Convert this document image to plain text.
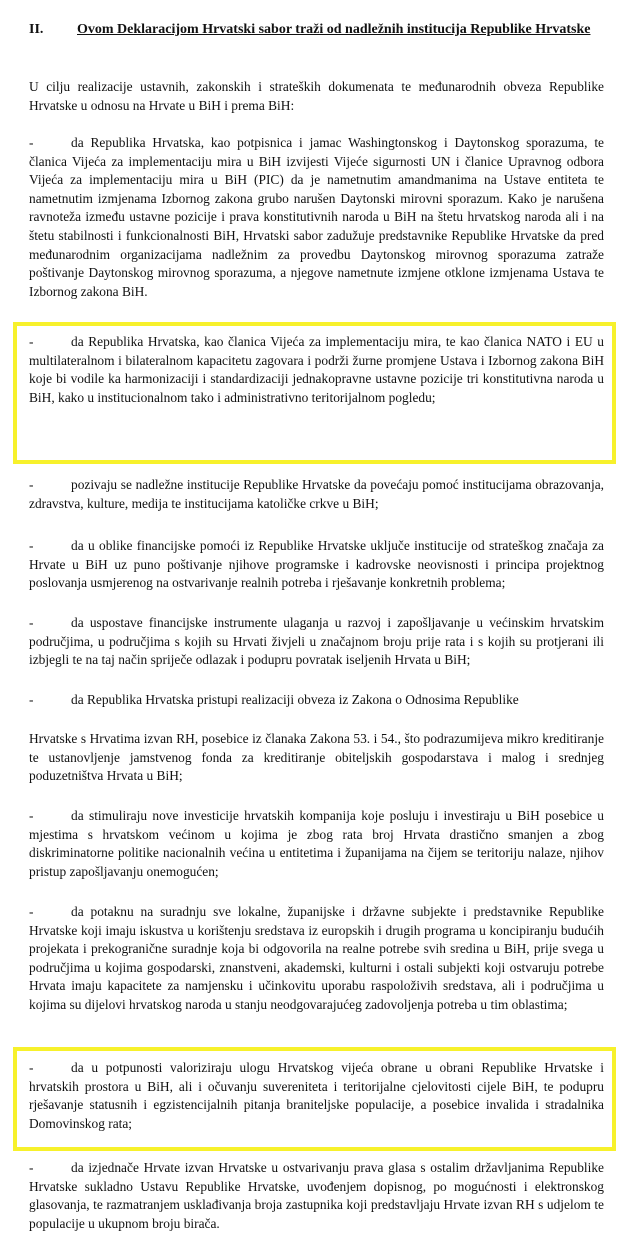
II. Ovom Deklaracijom Hrvatski sabor traži od nadležnih institucija Republike Hrvatske

U cilju realizacije ustavnih, zakonskih i strateških dokumenata te međunarodnih obveza Republike Hrvatske u odnosu na Hrvate u BiH i prema BiH:

-	da Republika Hrvatska, kao potpisnica i jamac Washingtonskog i Daytonskog sporazuma, te članica Vijeća za implementaciju mira u BiH izvijesti Vijeće sigurnosti UN i članice Upravnog odbora Vijeća za implementaciju mira u BiH (PIC) da je nametnutim amandmanima na Ustave entiteta te nametnutim izmjenama Izbornog zakona grubo narušen Daytonski mirovni sporazum. Kako je narušena ravnoteža između ustavne pozicije i prava konstitutivnih naroda u BiH na štetu hrvatskog naroda ali i na štetu stabilnosti i funkcionalnosti BiH, Hrvatski sabor zadužuje predstavnike Republike Hrvatske da pred međunarodnim organizacijama nadležnim za provedbu Daytonskog mirovnog sporazuma zatraže poštivanje Daytonskog mirovnog sporazuma, a njegove nametnute izmjene otklone izmjenama Ustava te Izbornog zakona BiH.

-	da Republika Hrvatska, kao članica Vijeća za implementaciju mira, te kao članica NATO i EU u multilateralnom i bilateralnom kapacitetu zagovara i podrži žurne promjene Ustava i Izbornog zakona BiH koje bi vodile ka harmonizaciji i standardizaciji jednakopravne ustavne pozicije tri konstitutivna naroda u BiH, kako u institucionalnom tako i administrativno teritorijalnom pogledu;

-	pozivaju se nadležne institucije Republike Hrvatske da povećaju pomoć institucijama obrazovanja, zdravstva, kulture, medija te institucijama katoličke crkve u BiH;

-	da u oblike financijske pomoći iz Republike Hrvatske uključe institucije od strateškog značaja za Hrvate u BiH uz puno poštivanje njihove programske i kadrovske neovisnosti i principa projektnog poslovanja usmjerenog na ostvarivanje realnih potreba i rješavanje konkretnih problema;

-	da uspostave financijske instrumente ulaganja u razvoj i zapošljavanje u većinskim hrvatskim područjima, u područjima s kojih su Hrvati živjeli u značajnom broju prije rata i s kojih su protjerani ili izbjegli te na taj način spriječe odlazak i podupru povratak iseljenih Hrvata u BiH;

-	da Republika Hrvatska pristupi realizaciji obveza iz Zakona o Odnosima Republike

Hrvatske s Hrvatima izvan RH, posebice iz članaka Zakona 53. i 54., što podrazumijeva mikro kreditiranje te ustanovljenje jamstvenog fonda za kreditiranje obiteljskih gospodarstava i malog i srednjeg poduzetništva Hrvata u BiH;

-	da stimuliraju nove investicije hrvatskih kompanija koje posluju i investiraju u BiH posebice u mjestima s hrvatskom većinom u kojima je zbog rata broj Hrvata drastično smanjen a zbog diskriminatorne politike nacionalnih većina u entitetima i županijama na čijem se teritoriju nalaze, njihov pristup zapošljavanju onemogućen;

-	da potaknu na suradnju sve lokalne, županijske i državne subjekte i predstavnike Republike Hrvatske koji imaju iskustva u korištenju sredstava iz europskih i drugih programa u koncipiranju budućih projekata i prekogranične suradnje koja bi odgovorila na realne potrebe svih sredina u BiH, prije svega u područjima u kojima gospodarski, znanstveni, akademski, kulturni i ostali subjekti koji ostvaruju potrebe Hrvata imaju kapacitete za namjensku i učinkovitu uporabu raspoloživih sredstava, ali i područjima u kojima su dijelovi hrvatskog naroda u stanju neodgovarajućeg zadovoljenja potreba u tim oblastima;

-	da u potpunosti valoriziraju ulogu Hrvatskog vijeća obrane u obrani Republike Hrvatske i hrvatskih prostora u BiH, ali i očuvanju suvereniteta i teritorijalne cjelovitosti cijele BiH, te podupru rješavanje statusnih i egzistencijalnih pitanja braniteljske populacije, a posebice invalida i stradalnika Domovinskog rata;

-	da izjednače Hrvate izvan Hrvatske u ostvarivanju prava glasa s ostalim državljanima Republike Hrvatske sukladno Ustavu Republike Hrvatske, uvođenjem dopisnog, po mogućnosti i elektronskog glasovanja, te razmatranjem usklađivanja broja zastupnika koji predstavljaju Hrvate izvan RH s udjelom te populacije u ukupnom broju birača.
